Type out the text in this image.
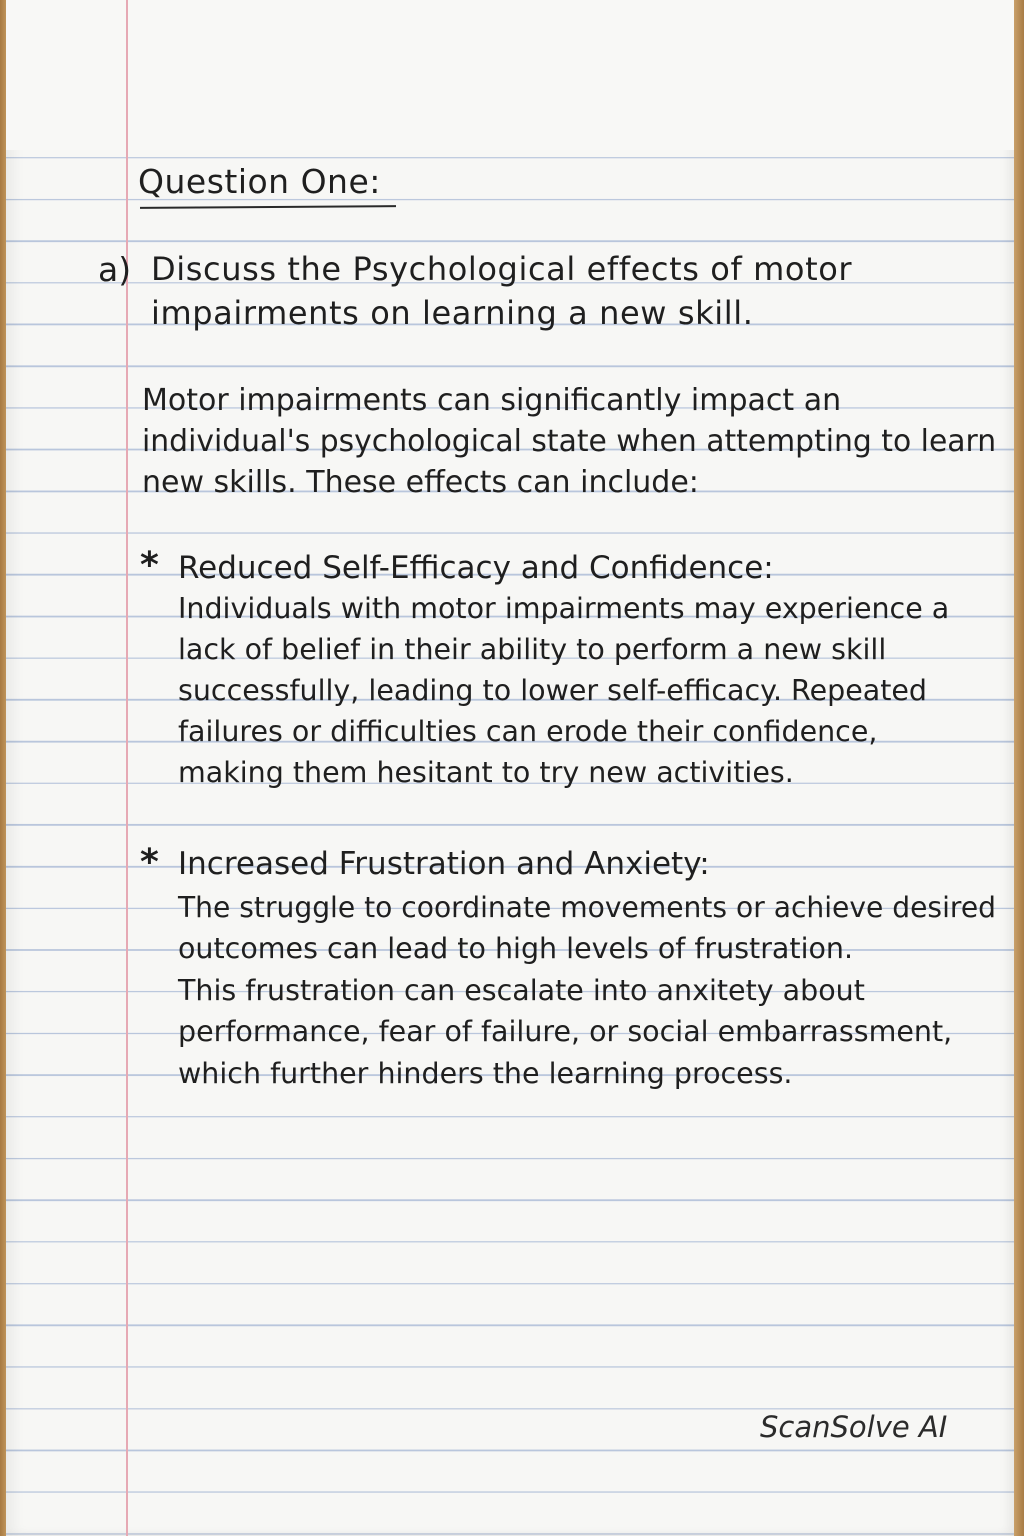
Question One:
a) Discuss the Psychological effects of motor
impairments on learning a new skill.
Motor impairments can significantly impact an
individual's psychological state when attempting to learn
new skills. These effects can include:
* Reduced Self-Efficacy and Confidence:
Individuals with motor impairments may experience a
lack of belief in their ability to perform a new skill
successfully, leading to lower self-efficacy. Repeated
failures or difficulties can erode their confidence,
making them hesitant to try new activities.
* Increased Frustration and Anxiety:
The struggle to coordinate movements or achieve desired
outcomes can lead to high levels of frustration.
This frustration can escalate into anxitety about
performance, fear of failure, or social embarrassment,
which further hinders the learning process.
ScanSolve AI
